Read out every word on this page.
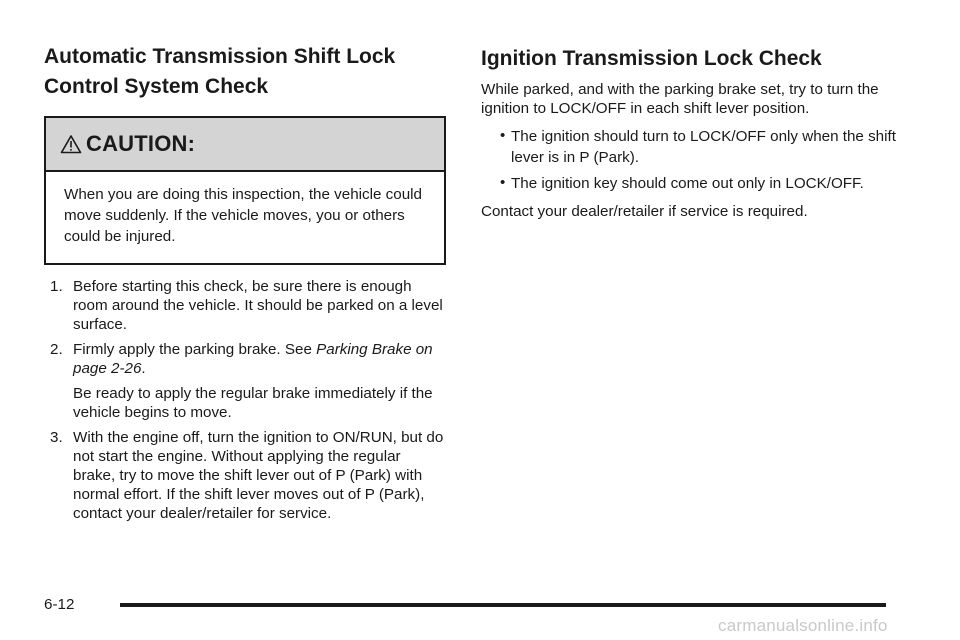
Automatic Transmission Shift Lock Control System Check
CAUTION:
When you are doing this inspection, the vehicle could move suddenly. If the vehicle moves, you or others could be injured.
1. Before starting this check, be sure there is enough room around the vehicle. It should be parked on a level surface.
2. Firmly apply the parking brake. See Parking Brake on page 2-26.
Be ready to apply the regular brake immediately if the vehicle begins to move.
3. With the engine off, turn the ignition to ON/RUN, but do not start the engine. Without applying the regular brake, try to move the shift lever out of P (Park) with normal effort. If the shift lever moves out of P (Park), contact your dealer/retailer for service.
Ignition Transmission Lock Check

While parked, and with the parking brake set, try to turn the ignition to LOCK/OFF in each shift lever position.

• The ignition should turn to LOCK/OFF only when the shift lever is in P (Park).
• The ignition key should come out only in LOCK/OFF.

Contact your dealer/retailer if service is required.

6-12
carmanualsonline.info
